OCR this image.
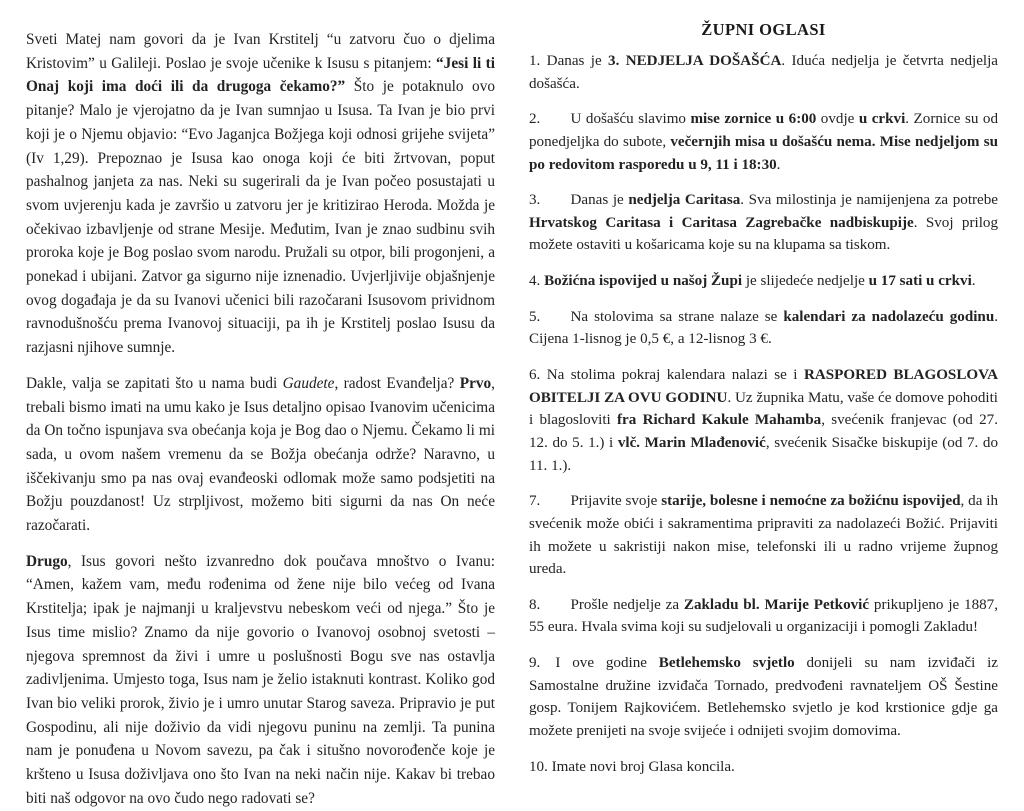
Sveti Matej nam govori da je Ivan Krstitelj “u zatvoru čuo o djelima Kristovim” u Galileji. Poslao je svoje učenike k Isusu s pitanjem: “Jesi li ti Onaj koji ima doći ili da drugoga čekamo?” Što je potaknulo ovo pitanje? Malo je vjerojatno da je Ivan sumnjao u Isusa. Ta Ivan je bio prvi koji je o Njemu objavio: “Evo Jaganjca Božjega koji odnosi grijehe svijeta” (Iv 1,29). Prepoznao je Isusa kao onoga koji će biti žrtvovan, poput pashalnog janjeta za nas. Neki su sugerirali da je Ivan počeo posustajati u svom uvjerenju kada je završio u zatvoru jer je kritizirao Heroda. Možda je očekivao izbavljenje od strane Mesije. Međutim, Ivan je znao sudbinu svih proroka koje je Bog poslao svom narodu. Pružali su otpor, bili progonjeni, a ponekad i ubijani. Zatvor ga sigurno nije iznenadio. Uvjerljivije objašnjenje ovog događaja je da su Ivanovi učenici bili razočarani Isusovom prividnom ravnodušnošću prema Ivanovoj situaciji, pa ih je Krstitelj poslao Isusu da razjasni njihove sumnje.

Dakle, valja se zapitati što u nama budi Gaudete, radost Evanđelja? Prvo, trebali bismo imati na umu kako je Isus detaljno opisao Ivanovim učenicima da On točno ispunjava sva obećanja koja je Bog dao o Njemu. Čekamo li mi sada, u ovom našem vremenu da se Božja obećanja održe? Naravno, u iščekivanju smo pa nas ovaj evanđeoski odlomak može samo podsjetiti na Božju pouzdanost! Uz strpljivost, možemo biti sigurni da nas On neće razočarati.

Drugo, Isus govori nešto izvanredno dok poučava mnoštvo o Ivanu: “Amen, kažem vam, među rođenima od žene nije bilo većeg od Ivana Krstitelja; ipak je najmanji u kraljevstvu nebeskom veći od njega.” Što je Isus time mislio? Znamo da nije govorio o Ivanovoj osobnoj svetosti – njegova spremnost da živi i umre u poslušnosti Bogu sve nas ostavlja zadivljenima. Umjesto toga, Isus nam je želio istaknuti kontrast. Koliko god Ivan bio veliki prorok, živio je i umro unutar Starog saveza. Pripravio je put Gospodinu, ali nije doživio da vidi njegovu puninu na zemlji. Ta punina nam je ponuđena u Novom savezu, pa čak i situšno novorođenče koje je kršteno u Isusa doživljava ono što Ivan na neki način nije. Kakav bi trebao biti naš odgovor na ovo čudo nego radovati se?

ŽUPNI OGLASI

1. Danas je 3. NEDJELJA DOŠAŠĆA. Iduća nedjelja je četvrta nedjelja došašća.

2.  U došašću slavimo mise zornice u 6:00 ovdje u crkvi. Zornice su od ponedjeljka do subote, večernjih misa u došašću nema. Mise nedjeljom su po redovitom rasporedu u 9, 11 i 18:30.

3.  Danas je nedjelja Caritasa. Sva milostinja je namijenjena za potrebe Hrvatskog Caritasa i Caritasa Zagrebačke nadbiskupije. Svoj prilog možete ostaviti u košaricama koje su na klupama sa tiskom.

4. Božićna ispovijed u našoj Župi je slijedeće nedjelje u 17 sati u crkvi.

5.  Na stolovima sa strane nalaze se kalendari za nadolazeću godinu. Cijena 1-lisnog je 0,5 €, a 12-lisnog 3 €.

6. Na stolima pokraj kalendara nalazi se i RASPORED BLAGOSLOVA OBITELJI ZA OVU GODINU. Uz župnika Matu, vaše će domove pohoditi i blagosloviti fra Richard Kakule Mahamba, svećenik franjevac (od 27. 12. do 5. 1.) i vlč. Marin Mlađenović, svećenik Sisačke biskupije (od 7. do 11. 1.).

7.  Prijavite svoje starije, bolesne i nemoćne za božićnu ispovijed, da ih svećenik može obići i sakramentima pripraviti za nadolazeći Božić. Prijaviti ih možete u sakristiji nakon mise, telefonski ili u radno vrijeme župnog ureda.

8.  Prošle nedjelje za Zakladu bl. Marije Petković prikupljeno je 1887, 55 eura. Hvala svima koji su sudjelovali u organizaciji i pomogli Zakladu!

9. I ove godine Betlehemsko svjetlo donijeli su nam izviđači iz Samostalne družine izviđača Tornado, predvođeni ravnateljem OŠ Šestine gosp. Tonijem Rajkovićem. Betlehemsko svjetlo je kod krstionice gdje ga možete prenijeti na svoje svijeće i odnijeti svojim domovima.

10. Imate novi broj Glasa koncila.
